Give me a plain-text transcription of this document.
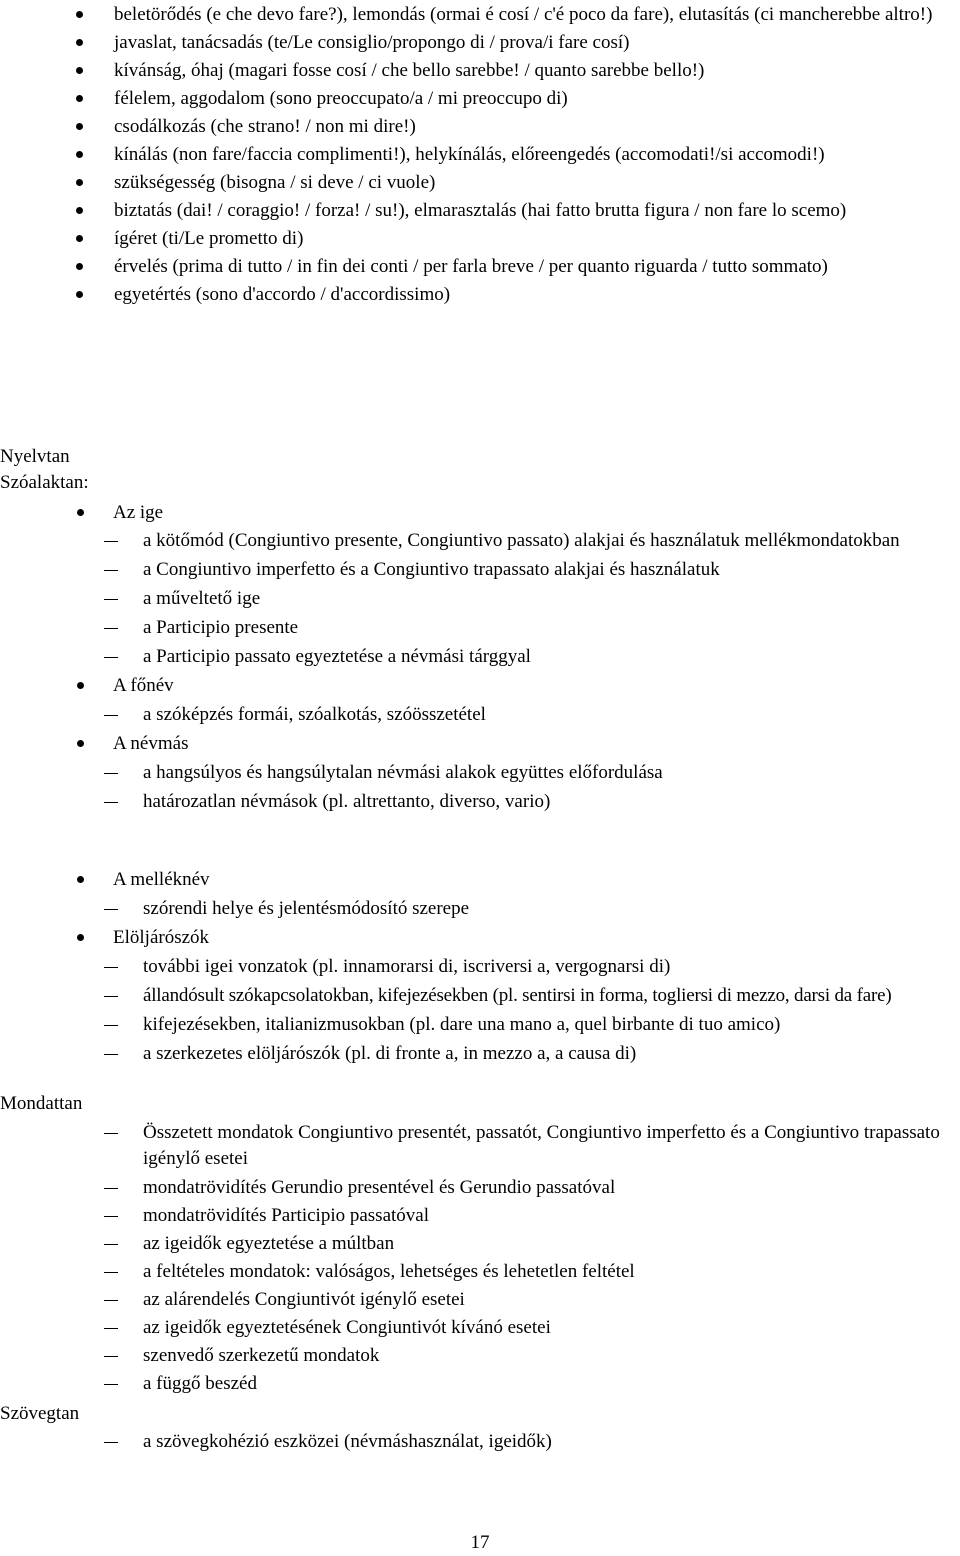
beletörődés (e che devo fare?), lemondás (ormai é cosí / c'é poco da fare), elutasítás (ci mancherebbe altro!)

javaslat, tanácsadás (te/Le consiglio/propongo di / prova/i fare cosí)

kívánság, óhaj (magari fosse cosí / che bello sarebbe! / quanto sarebbe bello!)

félelem, aggodalom (sono preoccupato/a / mi preoccupo di)

csodálkozás (che strano! / non mi dire!)

kínálás (non fare/faccia complimenti!), helykínálás, előreengedés (accomodati!/si accomodi!)

szükségesség (bisogna / si deve / ci vuole)

biztatás (dai! / coraggio! / forza! / su!), elmarasztalás (hai fatto brutta figura / non fare lo scemo)

ígéret (ti/Le prometto di)

érvelés (prima di tutto / in fin dei conti / per farla breve / per quanto riguarda / tutto sommato)

egyetértés (sono d'accordo / d'accordissimo)

Nyelvtan

Szóalaktan:

Az ige

a kötőmód (Congiuntivo presente, Congiuntivo passato) alakjai és használatuk mellékmondatokban

a Congiuntivo imperfetto és a Congiuntivo trapassato alakjai és használatuk

a műveltető ige

a Participio presente

a Participio passato egyeztetése a névmási tárggyal

A főnév

a szóképzés formái, szóalkotás, szóösszetétel

A névmás

a hangsúlyos és hangsúlytalan névmási alakok együttes előfordulása

határozatlan névmások (pl. altrettanto, diverso, vario)

A melléknév

szórendi helye és jelentésmódosító szerepe

Elöljárószók

további igei vonzatok (pl. innamorarsi di, iscriversi a, vergognarsi di)

állandósult szókapcsolatokban, kifejezésekben (pl. sentirsi in forma, togliersi di mezzo, darsi da fare)

kifejezésekben, italianizmusokban (pl. dare una mano a, quel birbante di tuo amico)

a szerkezetes elöljárószók (pl. di fronte a, in mezzo a, a causa di)

Mondattan

Összetett mondatok Congiuntivo presentét, passatót, Congiuntivo imperfetto és a Congiuntivo trapassato igénylő esetei

mondatrövidítés Gerundio presentével és Gerundio passatóval

mondatrövidítés Participio passatóval

az igeidők egyeztetése a múltban

a feltételes mondatok: valóságos, lehetséges és lehetetlen feltétel

az alárendelés Congiuntivót igénylő esetei

az igeidők egyeztetésének Congiuntivót kívánó esetei

szenvedő szerkezetű mondatok

a függő beszéd

Szövegtan

a szövegkohézió eszközei (névmáshasználat, igeidők)

17
